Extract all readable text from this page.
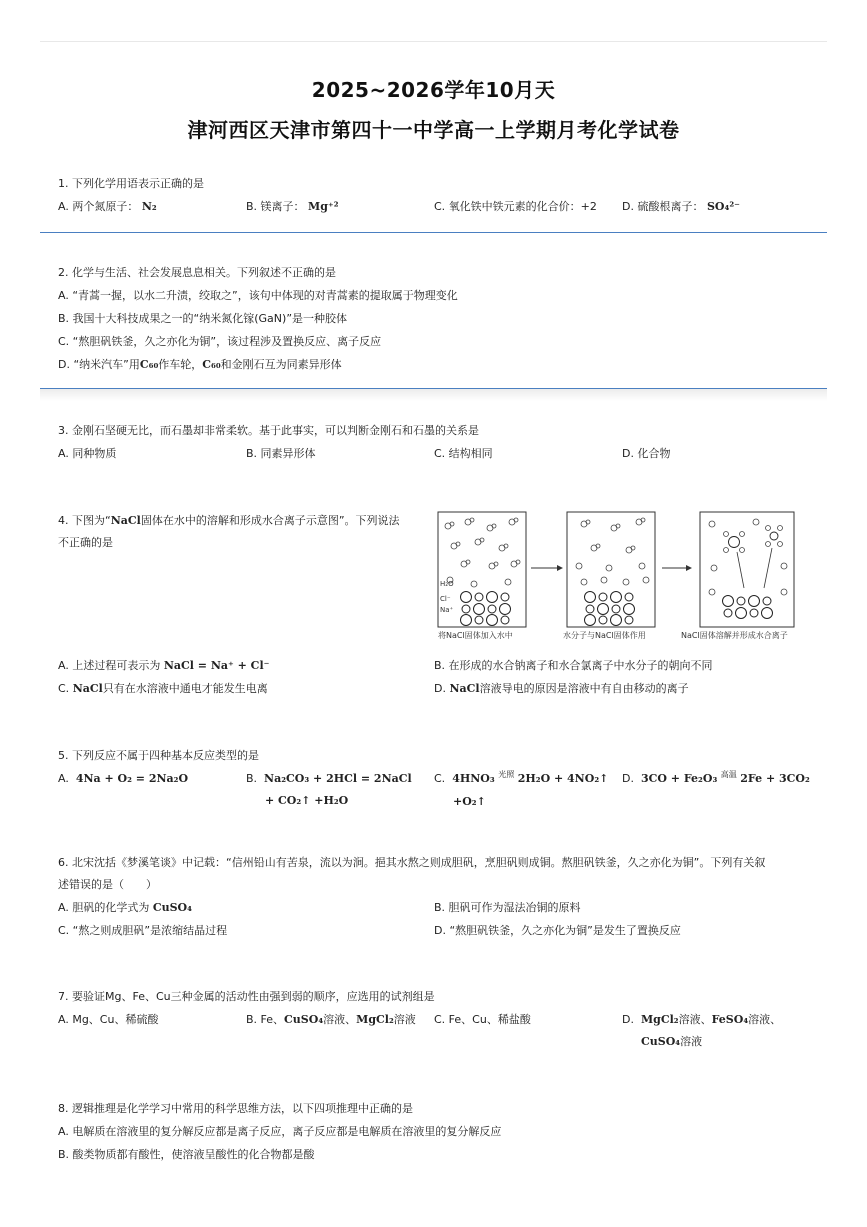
2025~2026学年10月天
津河西区天津市第四十一中学高一上学期月考化学试卷
1. 下列化学用语表示正确的是
A. 两个氮原子： N₂	B. 镁离子： Mg⁺²	C. 氧化铁中铁元素的化合价：+2 D. 硫酸根离子： SO₄²⁻
2. 化学与生活、社会发展息息相关。下列叙述不正确的是
A. “青蒿一握，以水二升渍，绞取之”，该句中体现的对青蒿素的提取属于物理变化
B. 我国十大科技成果之一的“纳米氮化镓(GaN)”是一种胶体
C. “熬胆矾铁釜，久之亦化为铜”，该过程涉及置换反应、离子反应
D. “纳米汽车”用C₆₀作车轮，C₆₀和金刚石互为同素异形体
3. 金刚石坚硬无比，而石墨却非常柔软。基于此事实，可以判断金刚石和石墨的关系是
A. 同种物质	B. 同素异形体	C. 结构相同	D. 化合物
4. 下图为“NaCl固体在水中的溶解和形成水合离子示意图”。下列说法
不正确的是
H₂O
Cl⁻
Na⁺
将NaCl固体加入水中	水分子与NaCl固体作用	NaCl固体溶解并形成水合离子
A. 上述过程可表示为 NaCl = Na⁺ + Cl⁻	B. 在形成的水合钠离子和水合氯离子中水分子的朝向不同
C. NaCl只有在水溶液中通电才能发生电离	D. NaCl溶液导电的原因是溶液中有自由移动的离子
5. 下列反应不属于四种基本反应类型的是
A. 4Na + O₂ = 2Na₂O	B. Na₂CO₃ + 2HCl = 2NaCl
+ CO₂↑ +H₂O
C. 4HNO₃ $^{光照}$ 2H₂O + 4NO₂↑
+O₂↑
D. 3CO + Fe₂O₃ $^{高温}$ 2Fe + 3CO₂
6. 北宋沈括《梦溪笔谈》中记载：“信州铅山有苦泉，流以为涧。挹其水熬之则成胆矾，烹胆矾则成铜。熬胆矾铁釜，久之亦化为铜”。下列有关叙
述错误的是（　　）
A. 胆矾的化学式为 CuSO₄	B. 胆矾可作为湿法冶铜的原料
C. “熬之则成胆矾”是浓缩结晶过程	D. “熬胆矾铁釜，久之亦化为铜”是发生了置换反应
7. 要验证Mg、Fe、Cu三种金属的活动性由强到弱的顺序，应选用的试剂组是
A. Mg、Cu、稀硫酸	B. Fe、CuSO₄溶液、MgCl₂溶液 C. Fe、Cu、稀盐酸	D. MgCl₂溶液、FeSO₄溶液、
CuSO₄溶液
8. 逻辑推理是化学学习中常用的科学思维方法，以下四项推理中正确的是
A. 电解质在溶液里的复分解反应都是离子反应，离子反应都是电解质在溶液里的复分解反应
B. 酸类物质都有酸性，使溶液呈酸性的化合物都是酸
